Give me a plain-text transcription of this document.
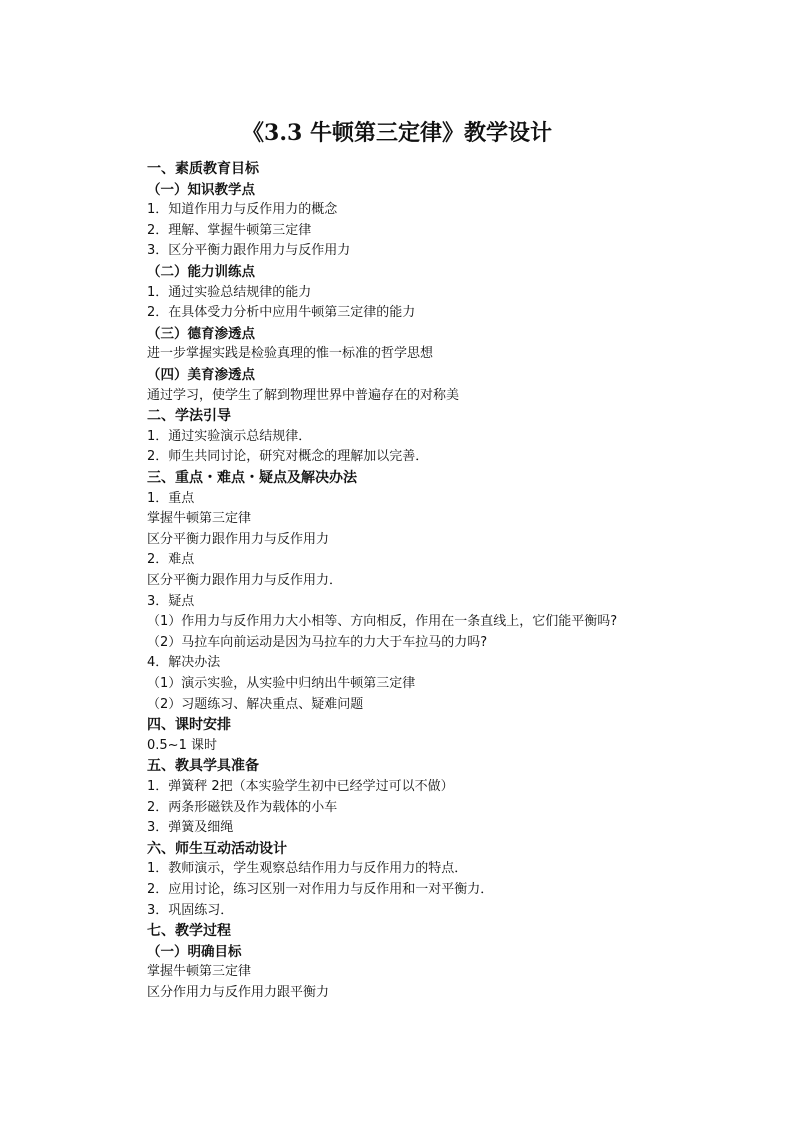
《3.3 牛顿第三定律》教学设计
一、素质教育目标
（一）知识教学点
1．知道作用力与反作用力的概念
2．理解、掌握牛顿第三定律
3．区分平衡力跟作用力与反作用力
（二）能力训练点
1．通过实验总结规律的能力
2．在具体受力分析中应用牛顿第三定律的能力
（三）德育渗透点
进一步掌握实践是检验真理的惟一标准的哲学思想
（四）美育渗透点
通过学习，使学生了解到物理世界中普遍存在的对称美
二、学法引导
1．通过实验演示总结规律．
2．师生共同讨论，研究对概念的理解加以完善．
三、重点・难点・疑点及解决办法
1．重点
掌握牛顿第三定律
区分平衡力跟作用力与反作用力
2．难点
区分平衡力跟作用力与反作用力．
3．疑点
（1）作用力与反作用力大小相等、方向相反，作用在一条直线上，它们能平衡吗?
（2）马拉车向前运动是因为马拉车的力大于车拉马的力吗?
4．解决办法
（1）演示实验，从实验中归纳出牛顿第三定律
（2）习题练习、解决重点、疑难问题
四、课时安排
0.5~1 课时
五、教具学具准备
1．弹簧秤 2把（本实验学生初中已经学过可以不做）
2．两条形磁铁及作为载体的小车
3．弹簧及细绳
六、师生互动活动设计
1．教师演示，学生观察总结作用力与反作用力的特点．
2．应用讨论，练习区别一对作用力与反作用和一对平衡力．
3．巩固练习．
七、教学过程
（一）明确目标
掌握牛顿第三定律
区分作用力与反作用力跟平衡力
